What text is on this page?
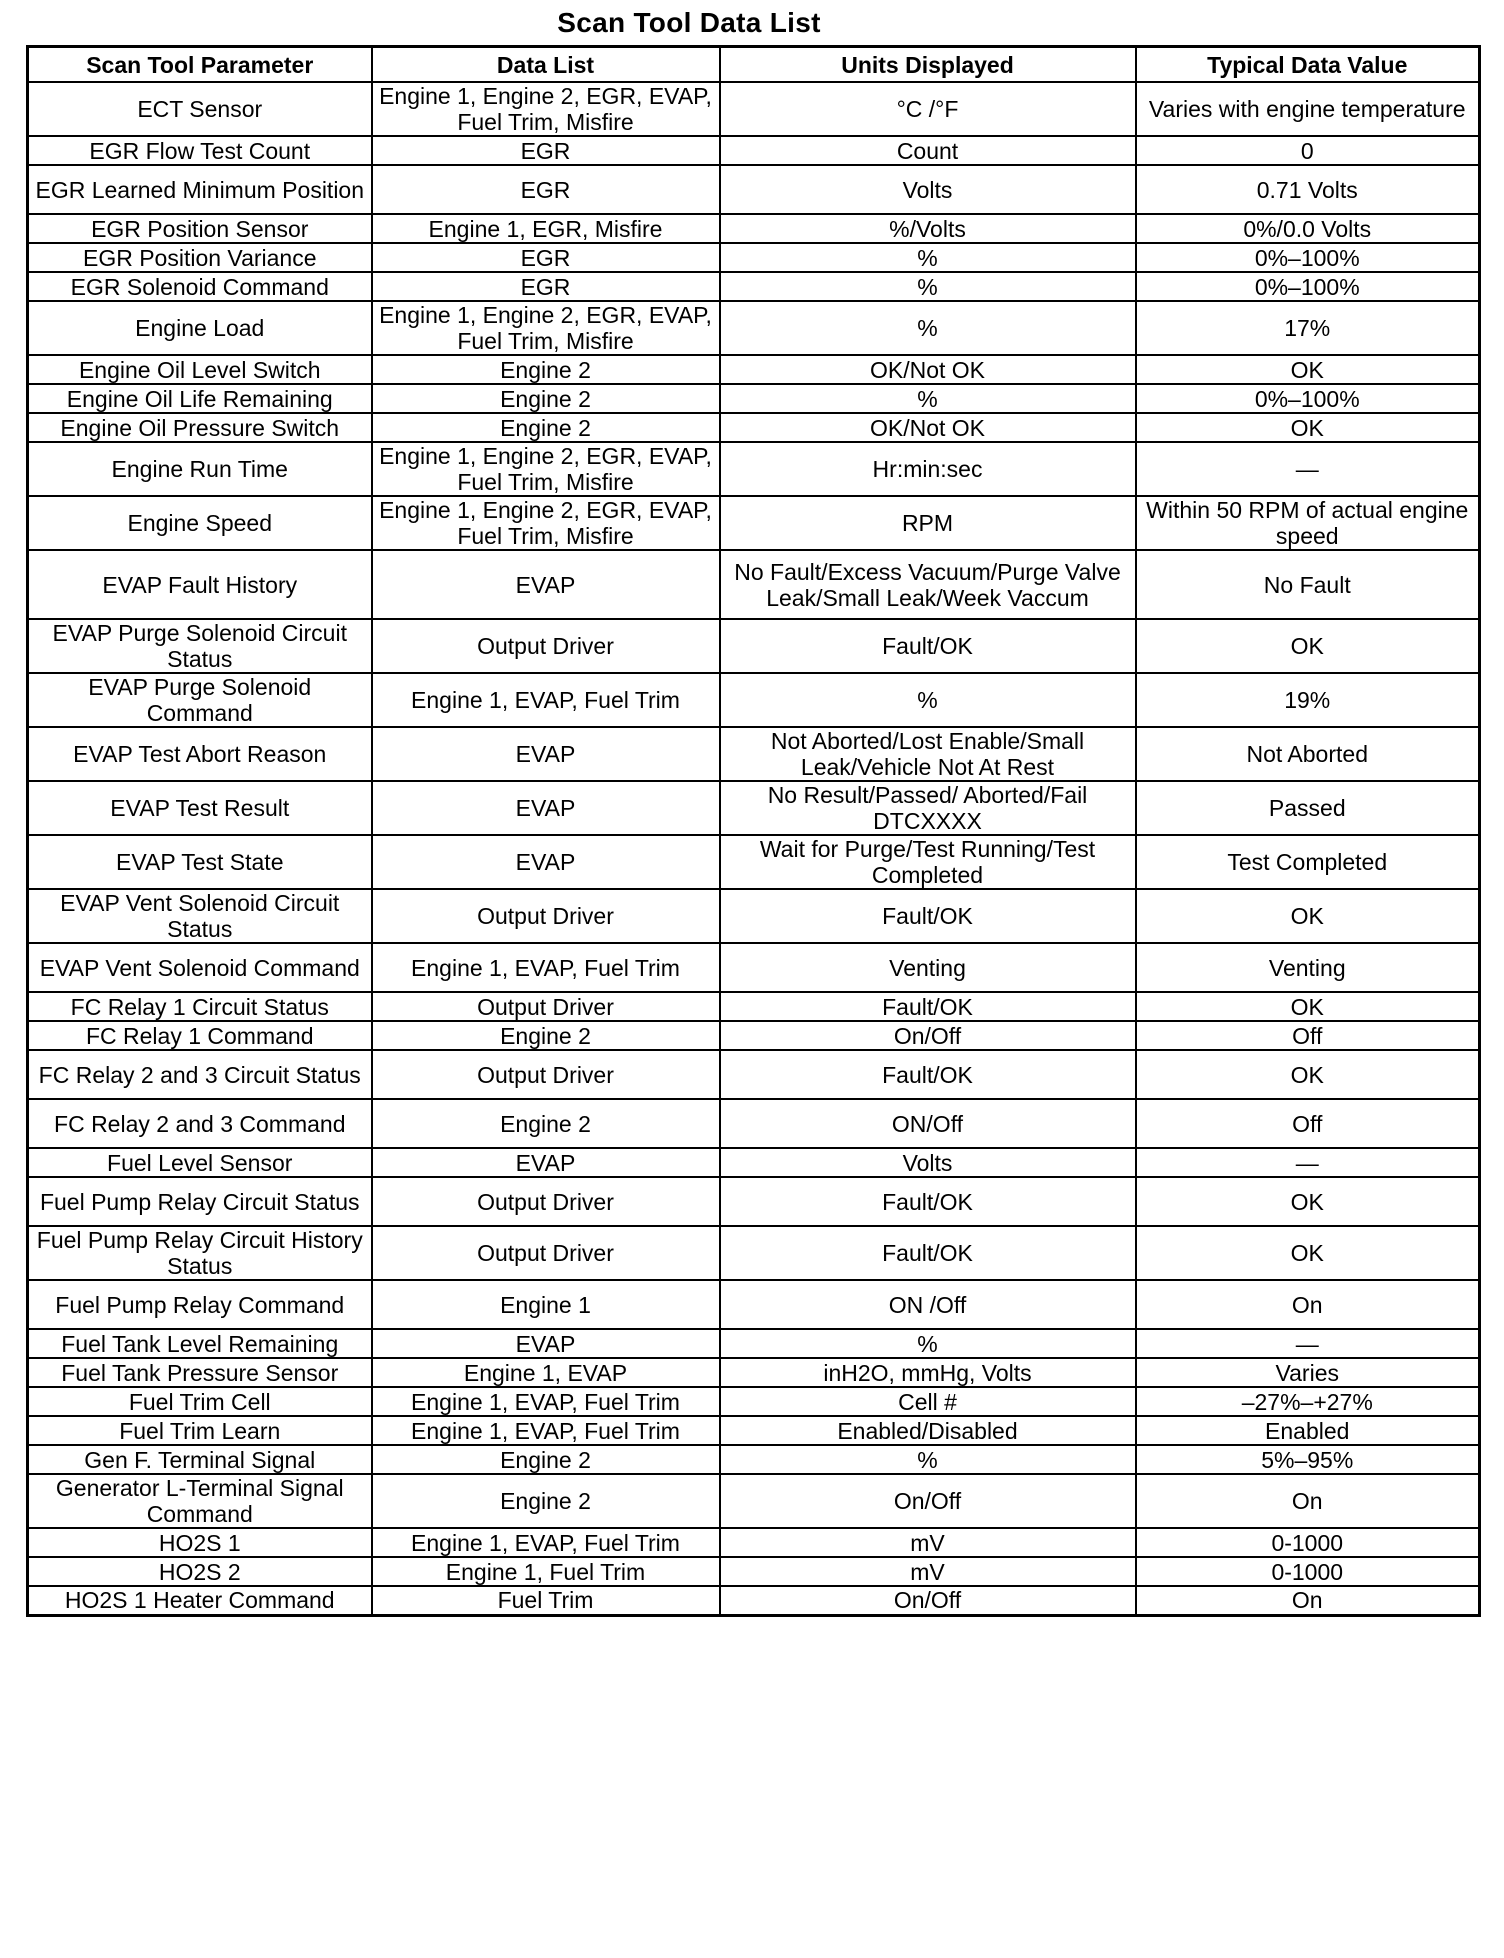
Scan Tool Data List
Scan Tool Parameter	Data List	Units Displayed	Typical Data Value
ECT Sensor	Engine 1, Engine 2, EGR, EVAP, Fuel Trim, Misfire	°C /°F	Varies with engine temperature
EGR Flow Test Count	EGR	Count	0
EGR Learned Minimum Position	EGR	Volts	0.71 Volts
EGR Position Sensor	Engine 1, EGR, Misfire	%/Volts	0%/0.0 Volts
EGR Position Variance	EGR	%	0%–100%
EGR Solenoid Command	EGR	%	0%–100%
Engine Load	Engine 1, Engine 2, EGR, EVAP, Fuel Trim, Misfire	%	17%
Engine Oil Level Switch	Engine 2	OK/Not OK	OK
Engine Oil Life Remaining	Engine 2	%	0%–100%
Engine Oil Pressure Switch	Engine 2	OK/Not OK	OK
Engine Run Time	Engine 1, Engine 2, EGR, EVAP, Fuel Trim, Misfire	Hr:min:sec	—
Engine Speed	Engine 1, Engine 2, EGR, EVAP, Fuel Trim, Misfire	RPM	Within 50 RPM of actual engine speed
EVAP Fault History	EVAP	No Fault/Excess Vacuum/Purge Valve Leak/Small Leak/Week Vaccum	No Fault
EVAP Purge Solenoid Circuit Status	Output Driver	Fault/OK	OK
EVAP Purge Solenoid Command	Engine 1, EVAP, Fuel Trim	%	19%
EVAP Test Abort Reason	EVAP	Not Aborted/Lost Enable/Small Leak/Vehicle Not At Rest	Not Aborted
EVAP Test Result	EVAP	No Result/Passed/ Aborted/Fail DTCXXXX	Passed
EVAP Test State	EVAP	Wait for Purge/Test Running/Test Completed	Test Completed
EVAP Vent Solenoid Circuit Status	Output Driver	Fault/OK	OK
EVAP Vent Solenoid Command	Engine 1, EVAP, Fuel Trim	Venting	Venting
FC Relay 1 Circuit Status	Output Driver	Fault/OK	OK
FC Relay 1 Command	Engine 2	On/Off	Off
FC Relay 2 and 3 Circuit Status	Output Driver	Fault/OK	OK
FC Relay 2 and 3 Command	Engine 2	ON/Off	Off
Fuel Level Sensor	EVAP	Volts	—
Fuel Pump Relay Circuit Status	Output Driver	Fault/OK	OK
Fuel Pump Relay Circuit History Status	Output Driver	Fault/OK	OK
Fuel Pump Relay Command	Engine 1	ON /Off	On
Fuel Tank Level Remaining	EVAP	%	—
Fuel Tank Pressure Sensor	Engine 1, EVAP	inH2O, mmHg, Volts	Varies
Fuel Trim Cell	Engine 1, EVAP, Fuel Trim	Cell #	–27%–+27%
Fuel Trim Learn	Engine 1, EVAP, Fuel Trim	Enabled/Disabled	Enabled
Gen F. Terminal Signal	Engine 2	%	5%–95%
Generator L-Terminal Signal Command	Engine 2	On/Off	On
HO2S 1	Engine 1, EVAP, Fuel Trim	mV	0-1000
HO2S 2	Engine 1, Fuel Trim	mV	0-1000
HO2S 1 Heater Command	Fuel Trim	On/Off	On
